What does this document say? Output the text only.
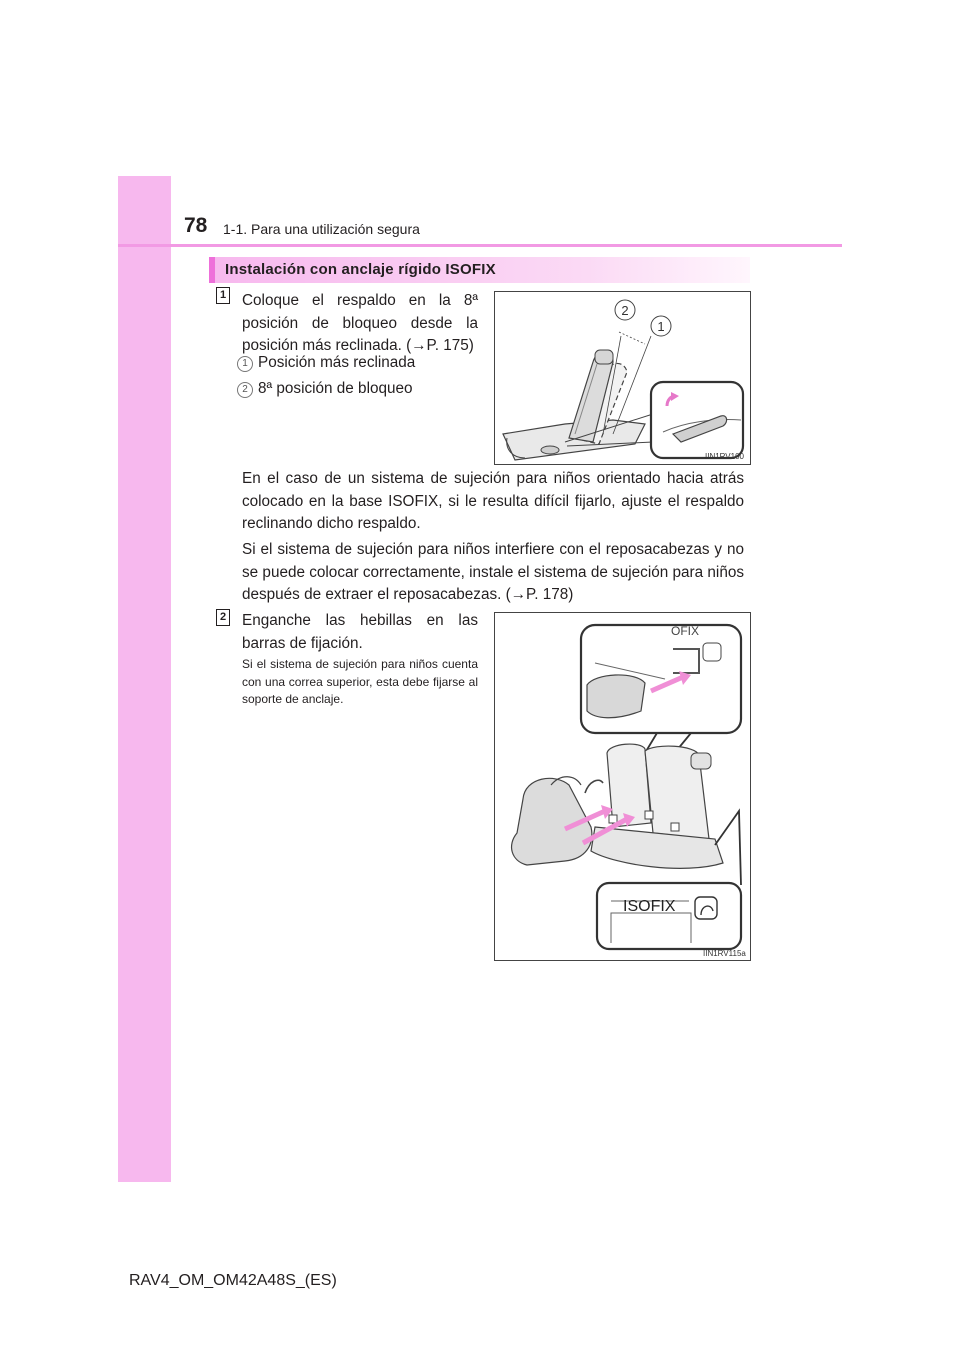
78 1-1. Para una utilización segura
Instalación con anclaje rígido ISOFIX
1 Coloque el respaldo en la 8ª posición de bloqueo desde la posición más reclinada. (→P. 175)
1 Posición más reclinada
2 8ª posición de bloqueo
2
1
IIN1RV100
En el caso de un sistema de sujeción para niños orientado hacia atrás colocado en la base ISOFIX, si le resulta difícil fijarlo, ajuste el respaldo reclinando dicho respaldo.
Si el sistema de sujeción para niños interfiere con el reposacabezas y no se puede colocar correctamente, instale el sistema de sujeción para niños después de extraer el reposacabezas. (→P. 178)
2 Enganche las hebillas en las barras de fijación.
Si el sistema de sujeción para niños cuenta con una correa superior, esta debe fijarse al soporte de anclaje.
OFIX
ISOFIX
IIN1RV115a
RAV4_OM_OM42A48S_(ES)
